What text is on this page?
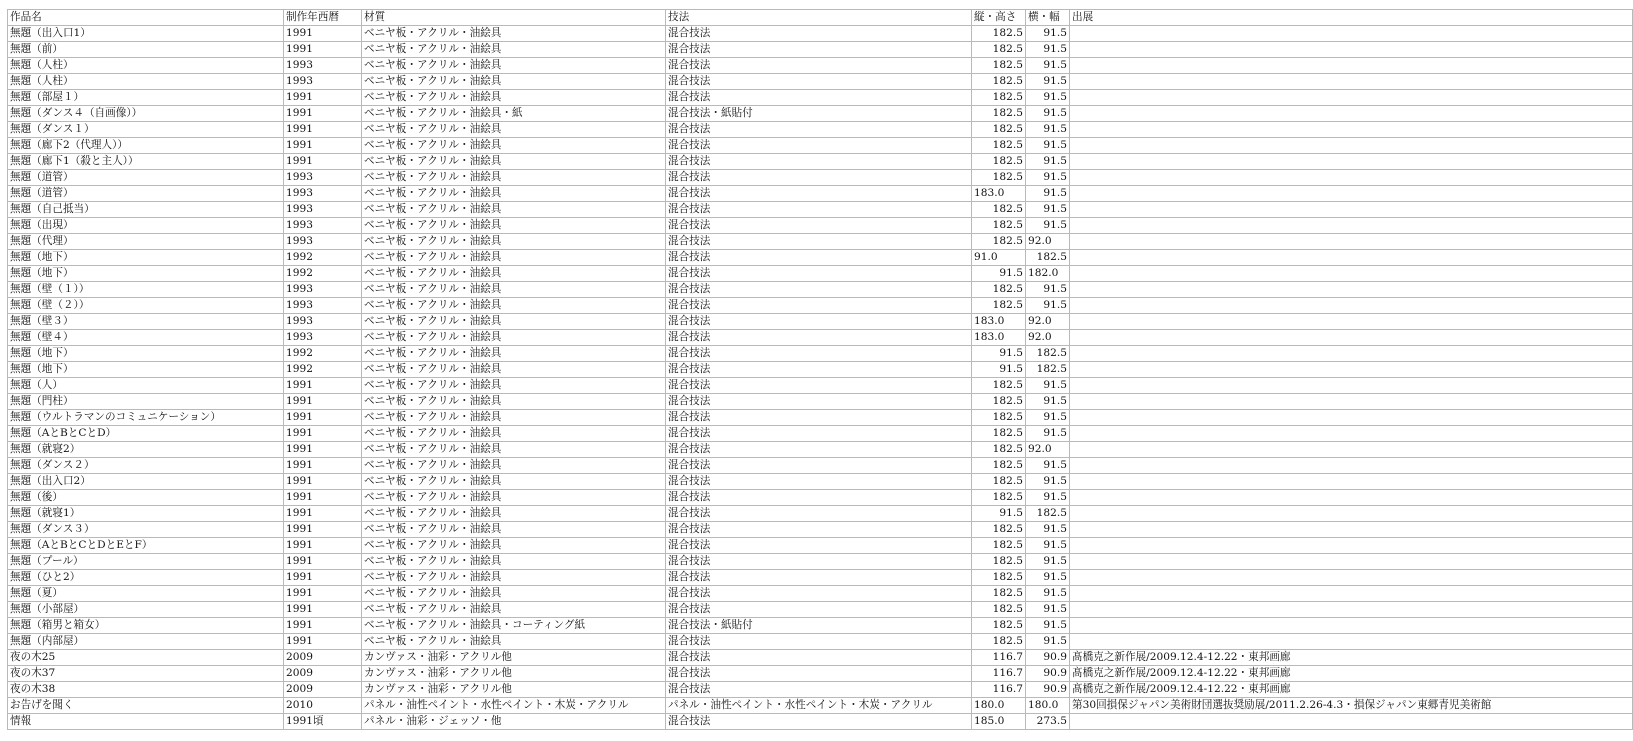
作品名	制作年西暦	材質	技法	縦・高さ	横・幅	出展
無題（出入口1）	1991	ベニヤ板・アクリル・油絵具	混合技法	182.5	91.5	
無題（前）	1991	ベニヤ板・アクリル・油絵具	混合技法	182.5	91.5	
無題（人柱）	1993	ベニヤ板・アクリル・油絵具	混合技法	182.5	91.5	
無題（人柱）	1993	ベニヤ板・アクリル・油絵具	混合技法	182.5	91.5	
無題（部屋１）	1991	ベニヤ板・アクリル・油絵具	混合技法	182.5	91.5	
無題（ダンス４（自画像））	1991	ベニヤ板・アクリル・油絵具・紙	混合技法・紙貼付	182.5	91.5	
無題（ダンス１）	1991	ベニヤ板・アクリル・油絵具	混合技法	182.5	91.5	
無題（廊下2（代理人））	1991	ベニヤ板・アクリル・油絵具	混合技法	182.5	91.5	
無題（廊下1（殺と主人））	1991	ベニヤ板・アクリル・油絵具	混合技法	182.5	91.5	
無題（道管）	1993	ベニヤ板・アクリル・油絵具	混合技法	182.5	91.5	
無題（道管）	1993	ベニヤ板・アクリル・油絵具	混合技法	183.0	91.5	
無題（自己抵当）	1993	ベニヤ板・アクリル・油絵具	混合技法	182.5	91.5	
無題（出現）	1993	ベニヤ板・アクリル・油絵具	混合技法	182.5	91.5	
無題（代理）	1993	ベニヤ板・アクリル・油絵具	混合技法	182.5	92.0	
無題（地下）	1992	ベニヤ板・アクリル・油絵具	混合技法	91.0	182.5	
無題（地下）	1992	ベニヤ板・アクリル・油絵具	混合技法	91.5	182.0	
無題（壁（１））	1993	ベニヤ板・アクリル・油絵具	混合技法	182.5	91.5	
無題（壁（２））	1993	ベニヤ板・アクリル・油絵具	混合技法	182.5	91.5	
無題（壁３）	1993	ベニヤ板・アクリル・油絵具	混合技法	183.0	92.0	
無題（壁４）	1993	ベニヤ板・アクリル・油絵具	混合技法	183.0	92.0	
無題（地下）	1992	ベニヤ板・アクリル・油絵具	混合技法	91.5	182.5	
無題（地下）	1992	ベニヤ板・アクリル・油絵具	混合技法	91.5	182.5	
無題（人）	1991	ベニヤ板・アクリル・油絵具	混合技法	182.5	91.5	
無題（門柱）	1991	ベニヤ板・アクリル・油絵具	混合技法	182.5	91.5	
無題（ウルトラマンのコミュニケーション）	1991	ベニヤ板・アクリル・油絵具	混合技法	182.5	91.5	
無題（AとBとCとD）	1991	ベニヤ板・アクリル・油絵具	混合技法	182.5	91.5	
無題（就寝2）	1991	ベニヤ板・アクリル・油絵具	混合技法	182.5	92.0	
無題（ダンス２）	1991	ベニヤ板・アクリル・油絵具	混合技法	182.5	91.5	
無題（出入口2）	1991	ベニヤ板・アクリル・油絵具	混合技法	182.5	91.5	
無題（後）	1991	ベニヤ板・アクリル・油絵具	混合技法	182.5	91.5	
無題（就寝1）	1991	ベニヤ板・アクリル・油絵具	混合技法	91.5	182.5	
無題（ダンス３）	1991	ベニヤ板・アクリル・油絵具	混合技法	182.5	91.5	
無題（AとBとCとDとEとF）	1991	ベニヤ板・アクリル・油絵具	混合技法	182.5	91.5	
無題（プール）	1991	ベニヤ板・アクリル・油絵具	混合技法	182.5	91.5	
無題（ひと2）	1991	ベニヤ板・アクリル・油絵具	混合技法	182.5	91.5	
無題（夏）	1991	ベニヤ板・アクリル・油絵具	混合技法	182.5	91.5	
無題（小部屋）	1991	ベニヤ板・アクリル・油絵具	混合技法	182.5	91.5	
無題（箱男と箱女）	1991	ベニヤ板・アクリル・油絵具・コーティング紙	混合技法・紙貼付	182.5	91.5	
無題（内部屋）	1991	ベニヤ板・アクリル・油絵具	混合技法	182.5	91.5	
夜の木25	2009	カンヴァス・油彩・アクリル他	混合技法	116.7	90.9	髙橋克之新作展/2009.12.4-12.22・東邦画廊
夜の木37	2009	カンヴァス・油彩・アクリル他	混合技法	116.7	90.9	髙橋克之新作展/2009.12.4-12.22・東邦画廊
夜の木38	2009	カンヴァス・油彩・アクリル他	混合技法	116.7	90.9	髙橋克之新作展/2009.12.4-12.22・東邦画廊
お告げを聞く	2010	パネル・油性ペイント・水性ペイント・木炭・アクリル	パネル・油性ペイント・水性ペイント・木炭・アクリル	180.0	180.0	第30回損保ジャパン美術財団選抜奨励展/2011.2.26-4.3・損保ジャパン東郷青児美術館
情報	1991頃	パネル・油彩・ジェッソ・他	混合技法	185.0	273.5	
